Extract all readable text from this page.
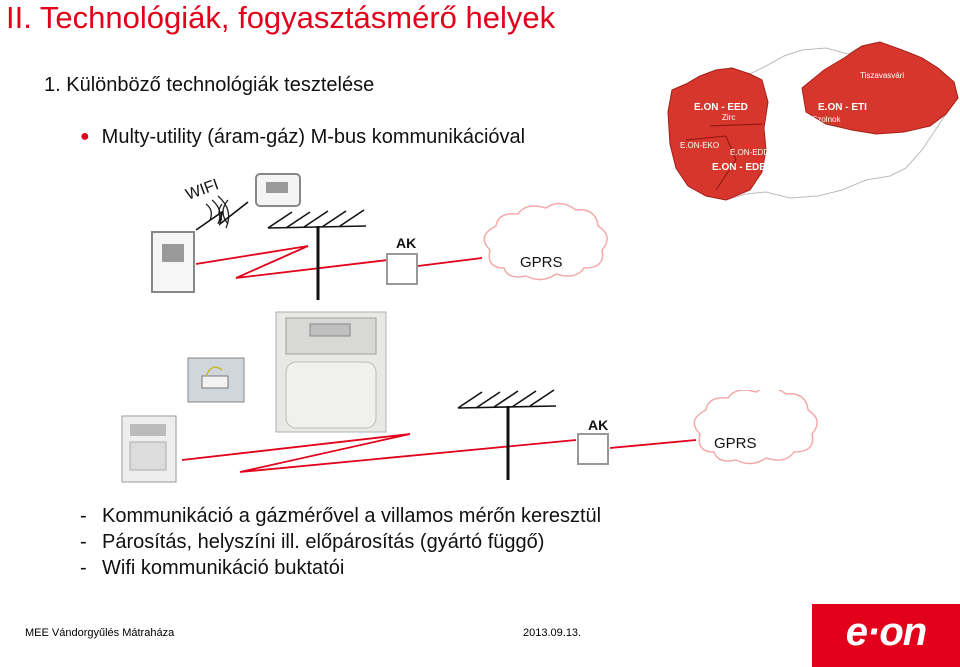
II. Technológiák, fogyasztásmérő helyek
1. Különböző technológiák tesztelése
● Multy-utility (áram-gáz) M-bus kommunikációval
Tiszavasvári
E.ON - EED
Zirc
E.ON - ETI
Szolnok
E.ON-EKO
E.ON-EDD
E.ON - EDE
WIFI
AK
GPRS
AK
GPRS
- Kommunikáció a gázmérővel a villamos mérőn keresztül
- Párosítás, helyszíni ill. előpárosítás (gyártó függő)
- Wifi kommunikáció buktatói
MEE Vándorgyűlés Mátraháza	2013.09.13.	e·on
